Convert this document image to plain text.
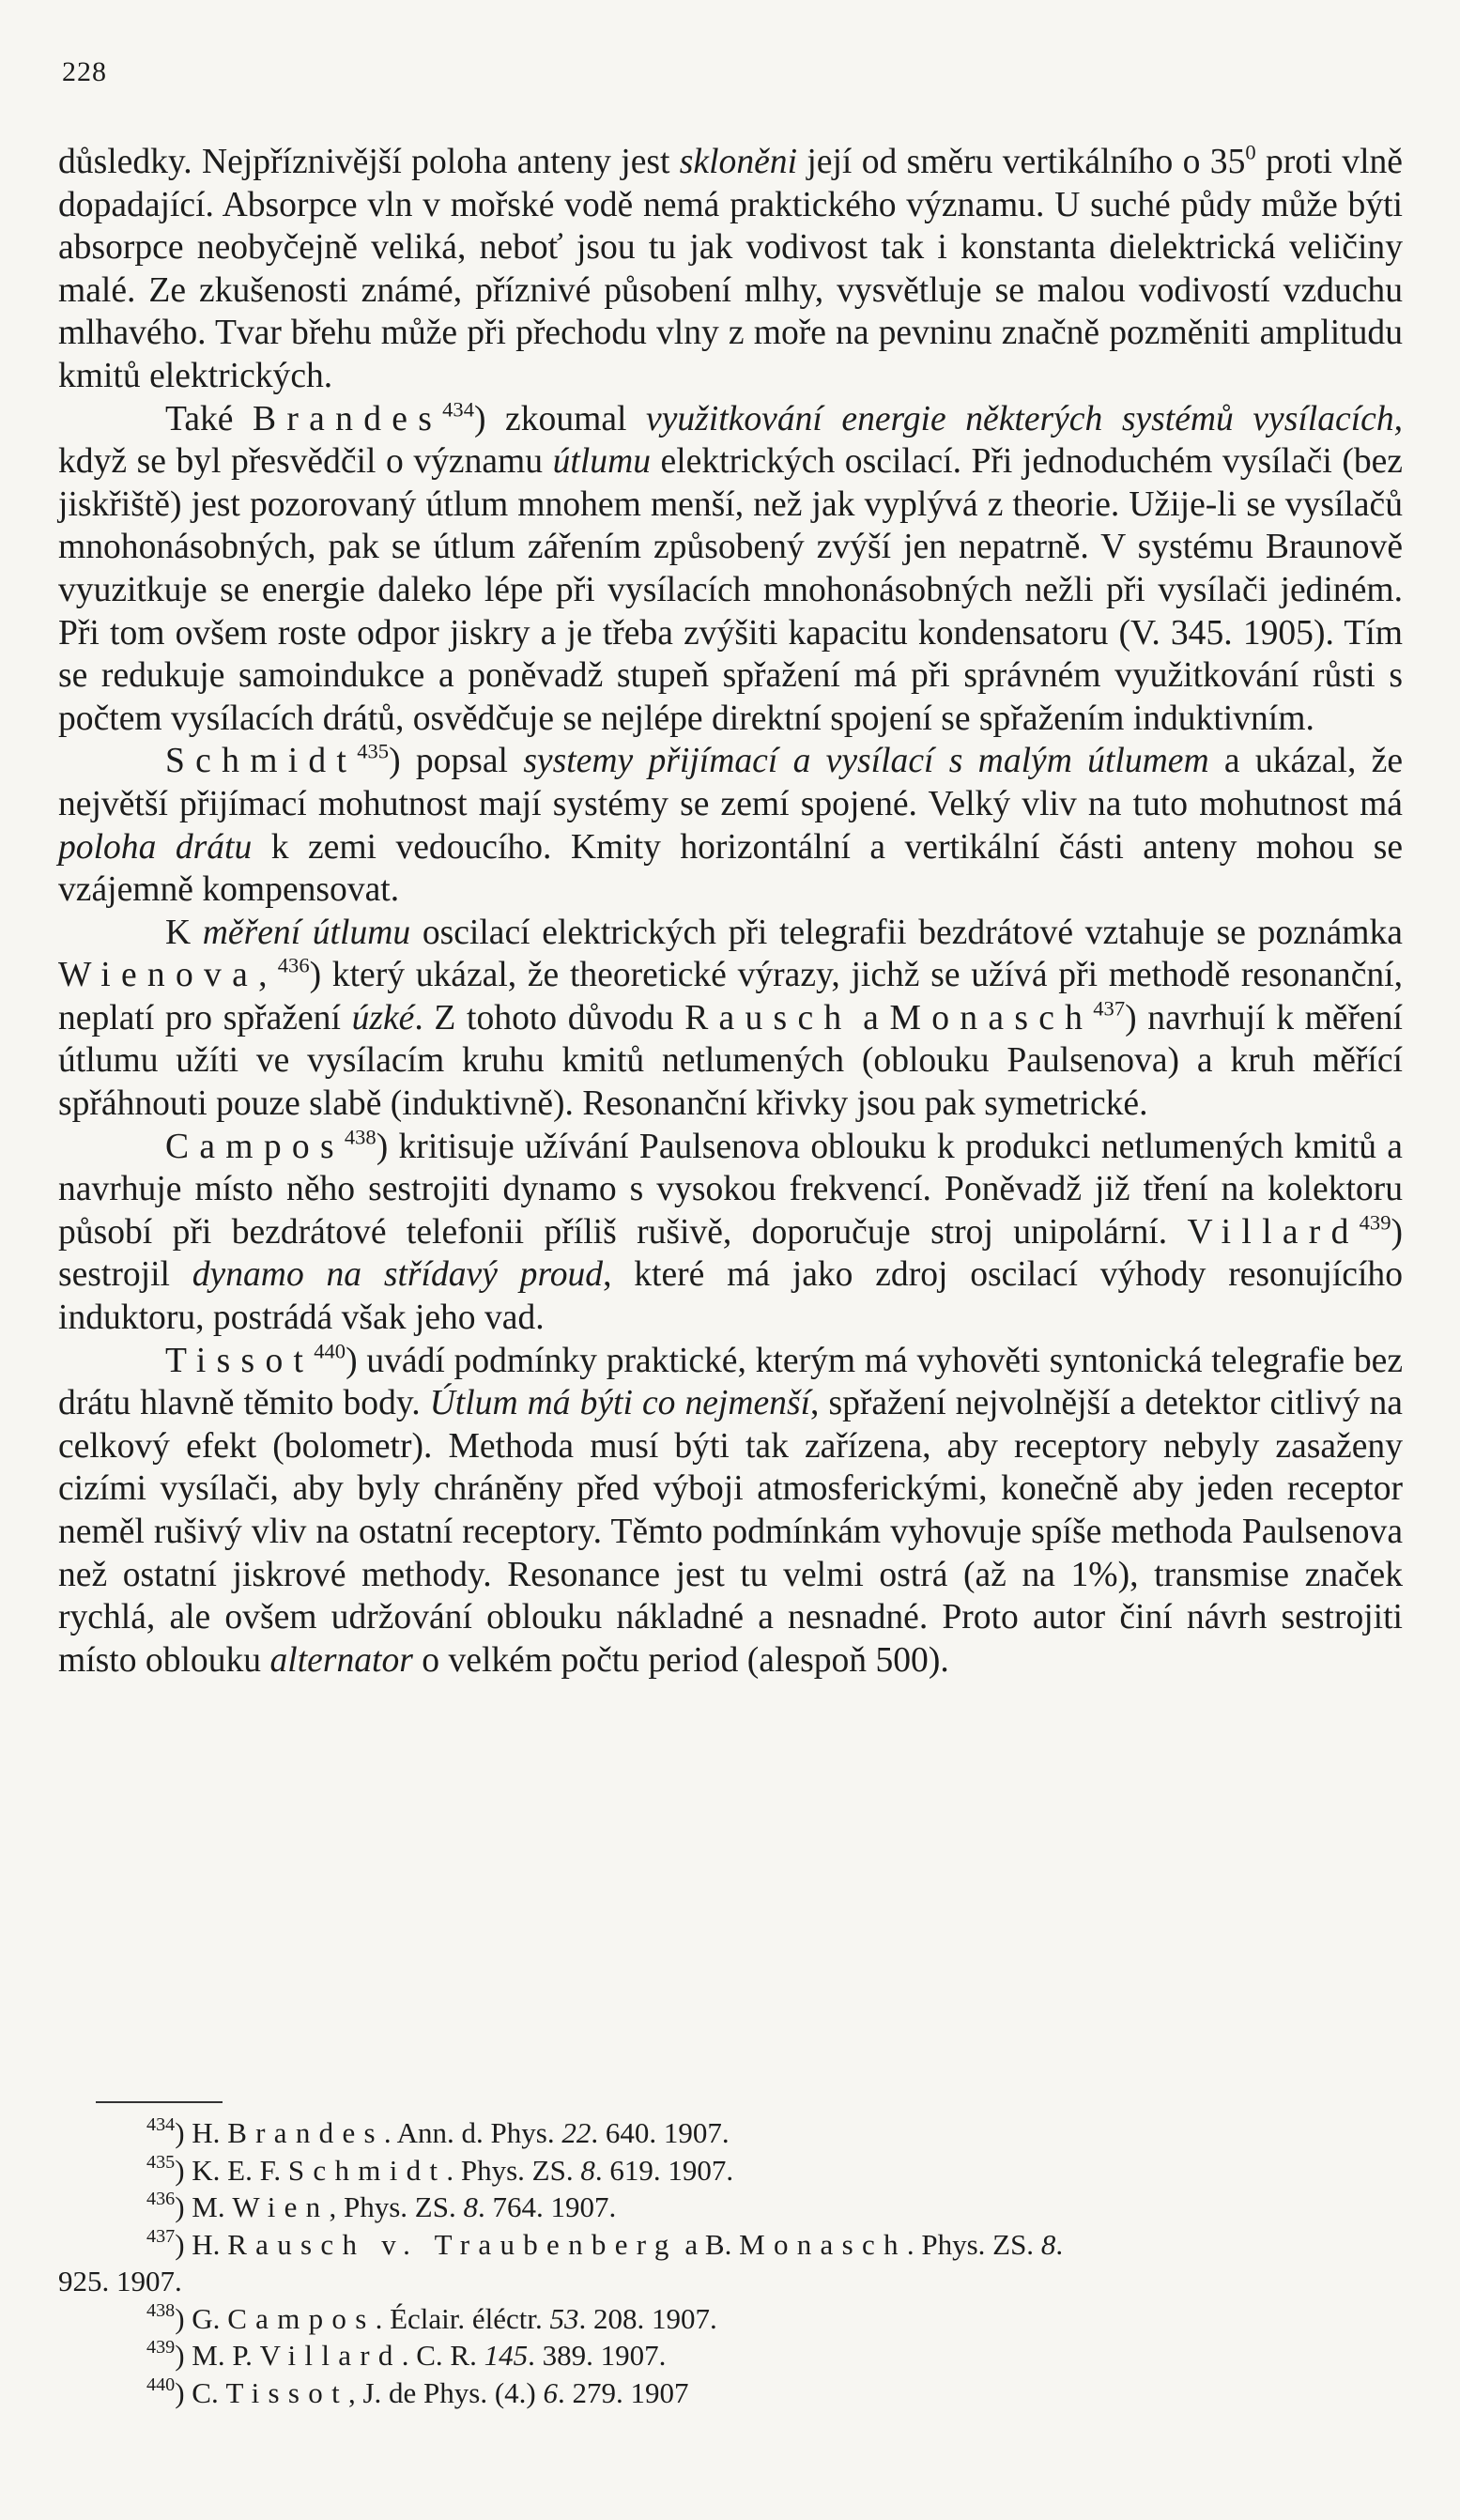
228

důsledky. Nejpříznivější poloha anteny jest skloněni její od směru vertikálního o $35^0$ proti vlně dopadající. Absorpce vln v mořské vodě nemá praktického významu. U suché půdy může býti absorpce neobyčejně veliká, neboť jsou tu jak vodivost tak i konstanta dielektrická veličiny malé. Ze zkušenosti známé, příznivé působení mlhy, vysvětluje se malou vodivostí vzduchu mlhavého. Tvar břehu může při přechodu vlny z moře na pevninu značně pozměniti amplitudu kmitů elektrických.

Také Brandes$^{434}$) zkoumal využitkování energie některých systémů vysílacích, když se byl přesvědčil o významu útlumu elektrických oscilací. Při jednoduchém vysílači (bez jiskřiště) jest pozorovaný útlum mnohem menší, než jak vyplývá z theorie. Užije-li se vysílačů mnohonásobných, pak se útlum zářením způsobený zvýší jen nepatrně. V systému Braunově vyuzitkuje se energie daleko lépe při vysílacích mnohonásobných nežli při vysílači jediném. Při tom ovšem roste odpor jiskry a je třeba zvýšiti kapacitu kondensatoru (V. 345. 1905). Tím se redukuje samoindukce a poněvadž stupeň spřažení má při správném využitkování růsti s počtem vysílacích drátů, osvědčuje se nejlépe direktní spojení se spřažením induktivním.

Schmidt$^{435}$) popsal systemy přijímací a vysílací s malým útlumem a ukázal, že největší přijímací mohutnost mají systémy se zemí spojené. Velký vliv na tuto mohutnost má poloha drátu k zemi vedoucího. Kmity horizontální a vertikální části anteny mohou se vzájemně kompensovat.

K měření útlumu oscilací elektrických při telegrafii bezdrátové vztahuje se poznámka Wienova,$^{436}$) který ukázal, že theoretické výrazy, jichž se užívá při methodě resonanční, neplatí pro spřažení úzké. Z tohoto důvodu Rausch a Monasch$^{437}$) navrhují k měření útlumu užíti ve vysílacím kruhu kmitů netlumených (oblouku Paulsenova) a kruh měřící spřáhnouti pouze slabě (induktivně). Resonanční křivky jsou pak symetrické.

Campos$^{438}$) kritisuje užívání Paulsenova oblouku k produkci netlumených kmitů a navrhuje místo něho sestrojiti dynamo s vysokou frekvencí. Poněvadž již tření na kolektoru působí při bezdrátové telefonii příliš rušivě, doporučuje stroj unipolární. Villard$^{439}$) sestrojil dynamo na střídavý proud, které má jako zdroj oscilací výhody resonujícího induktoru, postrádá však jeho vad.

Tissot$^{440}$) uvádí podmínky praktické, kterým má vyhověti syntonická telegrafie bez drátu hlavně těmito body. Útlum má býti co nejmenší, spřažení nejvolnější a detektor citlivý na celkový efekt (bolometr). Methoda musí býti tak zařízena, aby receptory nebyly zasaženy cizími vysílači, aby byly chráněny před výboji atmosferickými, konečně aby jeden receptor neměl rušivý vliv na ostatní receptory. Těmto podmínkám vyhovuje spíše methoda Paulsenova než ostatní jiskrové methody. Resonance jest tu velmi ostrá (až na 1%), transmise značek rychlá, ale ovšem udržování oblouku nákladné a nesnadné. Proto autor činí návrh sestrojiti místo oblouku alternator o velkém počtu period (alespoň 500).

$^{434}$) H. Brandes. Ann. d. Phys. 22. 640. 1907.
$^{435}$) K. E. F. Schmidt. Phys. ZS. 8. 619. 1907.
$^{436}$) M. Wien, Phys. ZS. 8. 764. 1907.
$^{437}$) H. Rausch v. Traubenberg a B. Monasch. Phys. ZS. 8.
925. 1907.
$^{438}$) G. Campos. Éclair. éléctr. 53. 208. 1907.
$^{439}$) M. P. Villard. C. R. 145. 389. 1907.
$^{440}$) C. Tissot, J. de Phys. (4.) 6. 279. 1907
